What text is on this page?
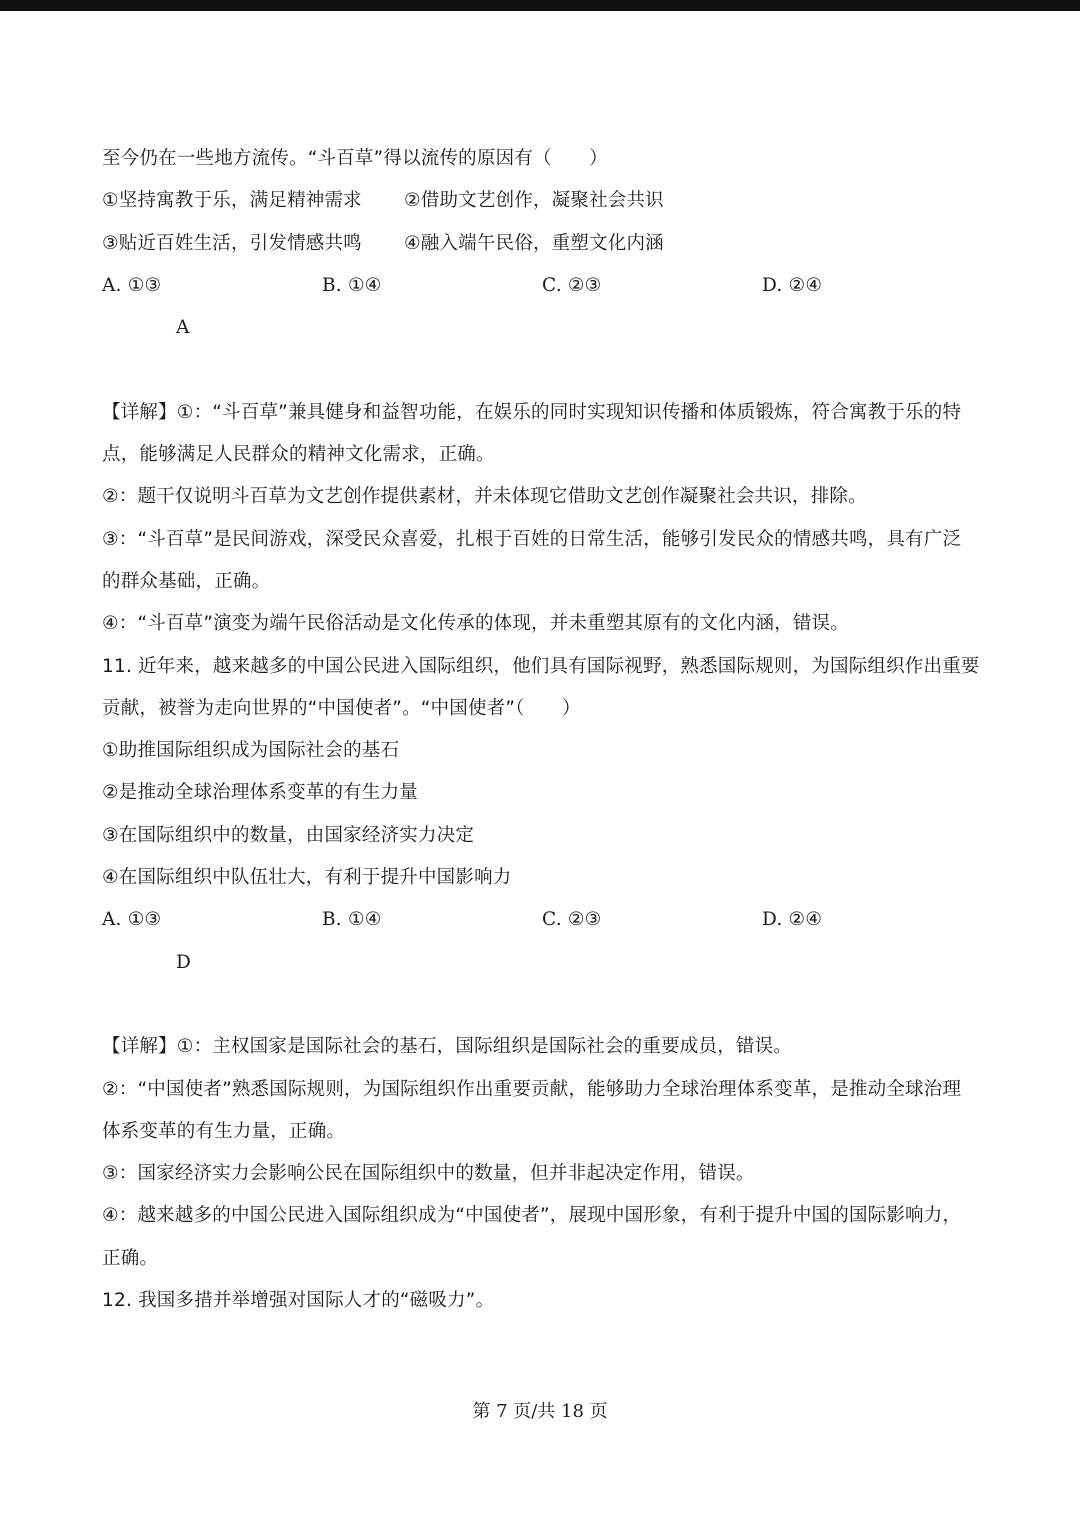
至今仍在一些地方流传。“斗百草”得以流传的原因有（　　）
①坚持寓教于乐，满足精神需求	②借助文艺创作，凝聚社会共识
③贴近百姓生活，引发情感共鸣	④融入端午民俗，重塑文化内涵
A. ①③	B. ①④	C. ②③	D. ②④
A
【详解】①：“斗百草”兼具健身和益智功能，在娱乐的同时实现知识传播和体质锻炼，符合寓教于乐的特
点，能够满足人民群众的精神文化需求，正确。
②：题干仅说明斗百草为文艺创作提供素材，并未体现它借助文艺创作凝聚社会共识，排除。
③：“斗百草”是民间游戏，深受民众喜爱，扎根于百姓的日常生活，能够引发民众的情感共鸣，具有广泛
的群众基础，正确。
④：“斗百草”演变为端午民俗活动是文化传承的体现，并未重塑其原有的文化内涵，错误。
11. 近年来，越来越多的中国公民进入国际组织，他们具有国际视野，熟悉国际规则，为国际组织作出重要
贡献，被誉为走向世界的“中国使者”。“中国使者”（　　）
①助推国际组织成为国际社会的基石
②是推动全球治理体系变革的有生力量
③在国际组织中的数量，由国家经济实力决定
④在国际组织中队伍壮大，有利于提升中国影响力
A. ①③	B. ①④	C. ②③	D. ②④
D
【详解】①：主权国家是国际社会的基石，国际组织是国际社会的重要成员，错误。
②：“中国使者”熟悉国际规则，为国际组织作出重要贡献，能够助力全球治理体系变革，是推动全球治理
体系变革的有生力量，正确。
③：国家经济实力会影响公民在国际组织中的数量，但并非起决定作用，错误。
④：越来越多的中国公民进入国际组织成为“中国使者”，展现中国形象，有利于提升中国的国际影响力，
正确。
12. 我国多措并举增强对国际人才的“磁吸力”。
第 7 页/共 18 页
